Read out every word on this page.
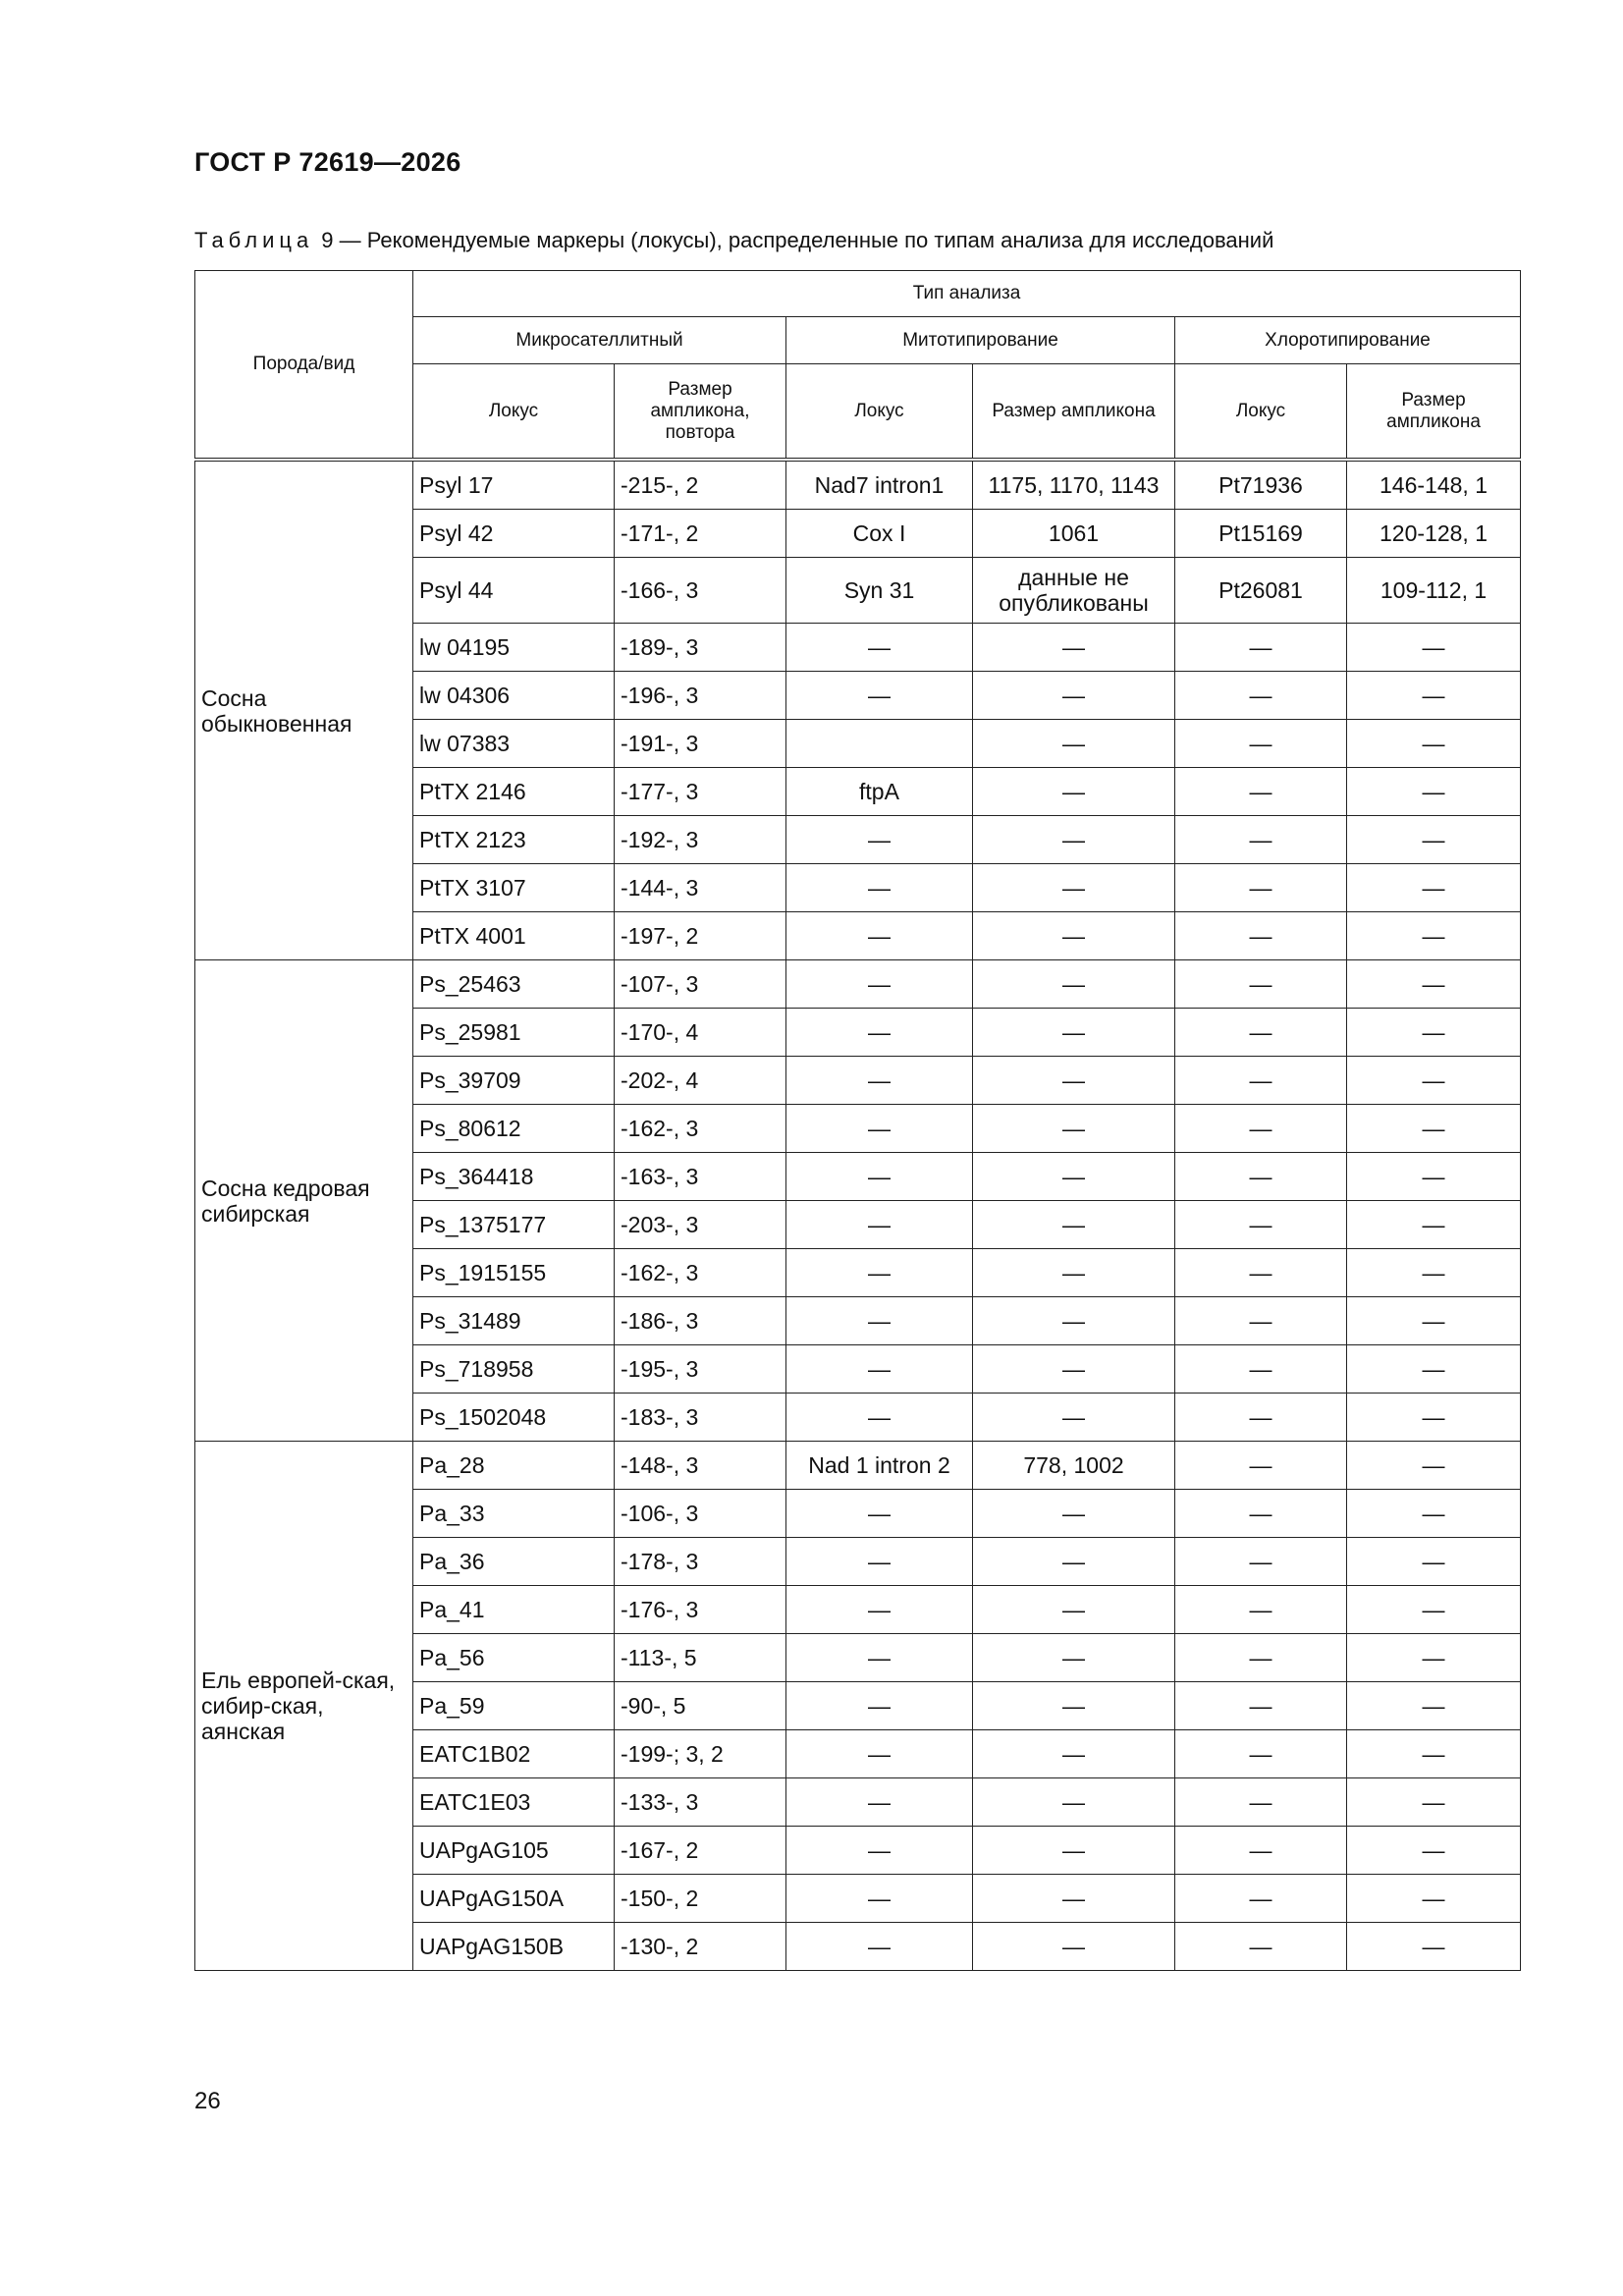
ГОСТ Р 72619—2026
Таблица 9 — Рекомендуемые маркеры (локусы), распределенные по типам анализа для исследований
Порода/вид	Тип анализа					
	Микросателлитный		Митотипирование		Хлоротипирование	
	Локус	Размер ампликона, повтора	Локус	Размер ампликона	Локус	Размер ампликона
Сосна обыкновенная	Psyl 17	-215-, 2	Nad7 intron1	1175, 1170, 1143	Pt71936	146-148, 1
	Psyl 42	-171-, 2	Cox I	1061	Pt15169	120-128, 1
	Psyl 44	-166-, 3	Syn 31	данные не опубликованы	Pt26081	109-112, 1
	lw 04195	-189-, 3	—	—	—	—
	lw 04306	-196-, 3	—	—	—	—
	lw 07383	-191-, 3		—	—	—
	PtTX 2146	-177-, 3	ftpA	—	—	—
	PtTX 2123	-192-, 3	—	—	—	—
	PtTX 3107	-144-, 3	—	—	—	—
	PtTX 4001	-197-, 2	—	—	—	—
Сосна кедровая сибирская	Ps_25463	-107-, 3	—	—	—	—
	Ps_25981	-170-, 4	—	—	—	—
	Ps_39709	-202-, 4	—	—	—	—
	Ps_80612	-162-, 3	—	—	—	—
	Ps_364418	-163-, 3	—	—	—	—
	Ps_1375177	-203-, 3	—	—	—	—
	Ps_1915155	-162-, 3	—	—	—	—
	Ps_31489	-186-, 3	—	—	—	—
	Ps_718958	-195-, 3	—	—	—	—
	Ps_1502048	-183-, 3	—	—	—	—
Ель европей-ская, сибир-ская, аянская	Pa_28	-148-, 3	Nad 1 intron 2	778, 1002	—	—
	Pa_33	-106-, 3	—	—	—	—
	Pa_36	-178-, 3	—	—	—	—
	Pa_41	-176-, 3	—	—	—	—
	Pa_56	-113-, 5	—	—	—	—
	Pa_59	-90-, 5	—	—	—	—
	EATC1B02	-199-; 3, 2	—	—	—	—
	EATC1E03	-133-, 3	—	—	—	—
	UAPgAG105	-167-, 2	—	—	—	—
	UAPgAG150A	-150-, 2	—	—	—	—
	UAPgAG150B	-130-, 2	—	—	—	—
26
